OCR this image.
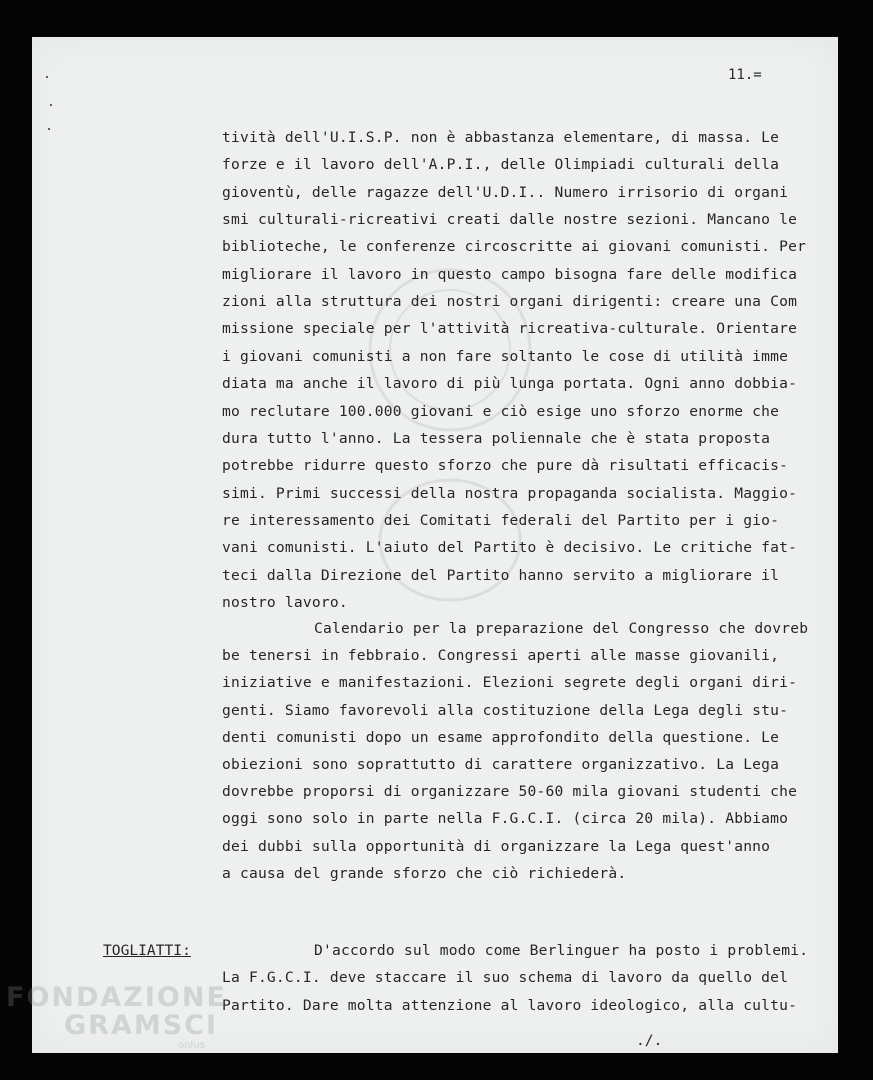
11.=
tività dell'U.I.S.P. non è abbastanza elementare, di massa. Le
forze e il lavoro dell'A.P.I., delle Olimpiadi culturali della
gioventù, delle ragazze dell'U.D.I.. Numero irrisorio di organi
smi culturali-ricreativi creati dalle nostre sezioni. Mancano le
biblioteche, le conferenze circoscritte ai giovani comunisti. Per
migliorare il lavoro in questo campo bisogna fare delle modifica
zioni alla struttura dei nostri organi dirigenti: creare una Com
missione speciale per l'attività ricreativa-culturale. Orientare
i giovani comunisti a non fare soltanto le cose di utilità imme
diata ma anche il lavoro di più lunga portata. Ogni anno dobbia-
mo reclutare 100.000 giovani e ciò esige uno sforzo enorme che
dura tutto l'anno. La tessera poliennale che è stata proposta
potrebbe ridurre questo sforzo che pure dà risultati efficacis-
simi. Primi successi della nostra propaganda socialista. Maggio-
re interessamento dei Comitati federali del Partito per i gio-
vani comunisti. L'aiuto del Partito è decisivo. Le critiche fat-
teci dalla Direzione del Partito hanno servito a migliorare il
nostro lavoro.
Calendario per la preparazione del Congresso che dovreb
be tenersi in febbraio. Congressi aperti alle masse giovanili,
iniziative e manifestazioni. Elezioni segrete degli organi diri-
genti. Siamo favorevoli alla costituzione della Lega degli stu-
denti comunisti dopo un esame approfondito della questione. Le
obiezioni sono soprattutto di carattere organizzativo. La Lega
dovrebbe proporsi di organizzare 50-60 mila giovani studenti che
oggi sono solo in parte nella F.G.C.I. (circa 20 mila). Abbiamo
dei dubbi sulla opportunità di organizzare la Lega quest'anno
a causa del grande sforzo che ciò richiederà.
TOGLIATTI:	D'accordo sul modo come Berlinguer ha posto i problemi.
La F.G.C.I. deve staccare il suo schema di lavoro da quello del
Partito. Dare molta attenzione al lavoro ideologico, alla cultu-
./.
FONDAZIONE
GRAMSCI
onlus
